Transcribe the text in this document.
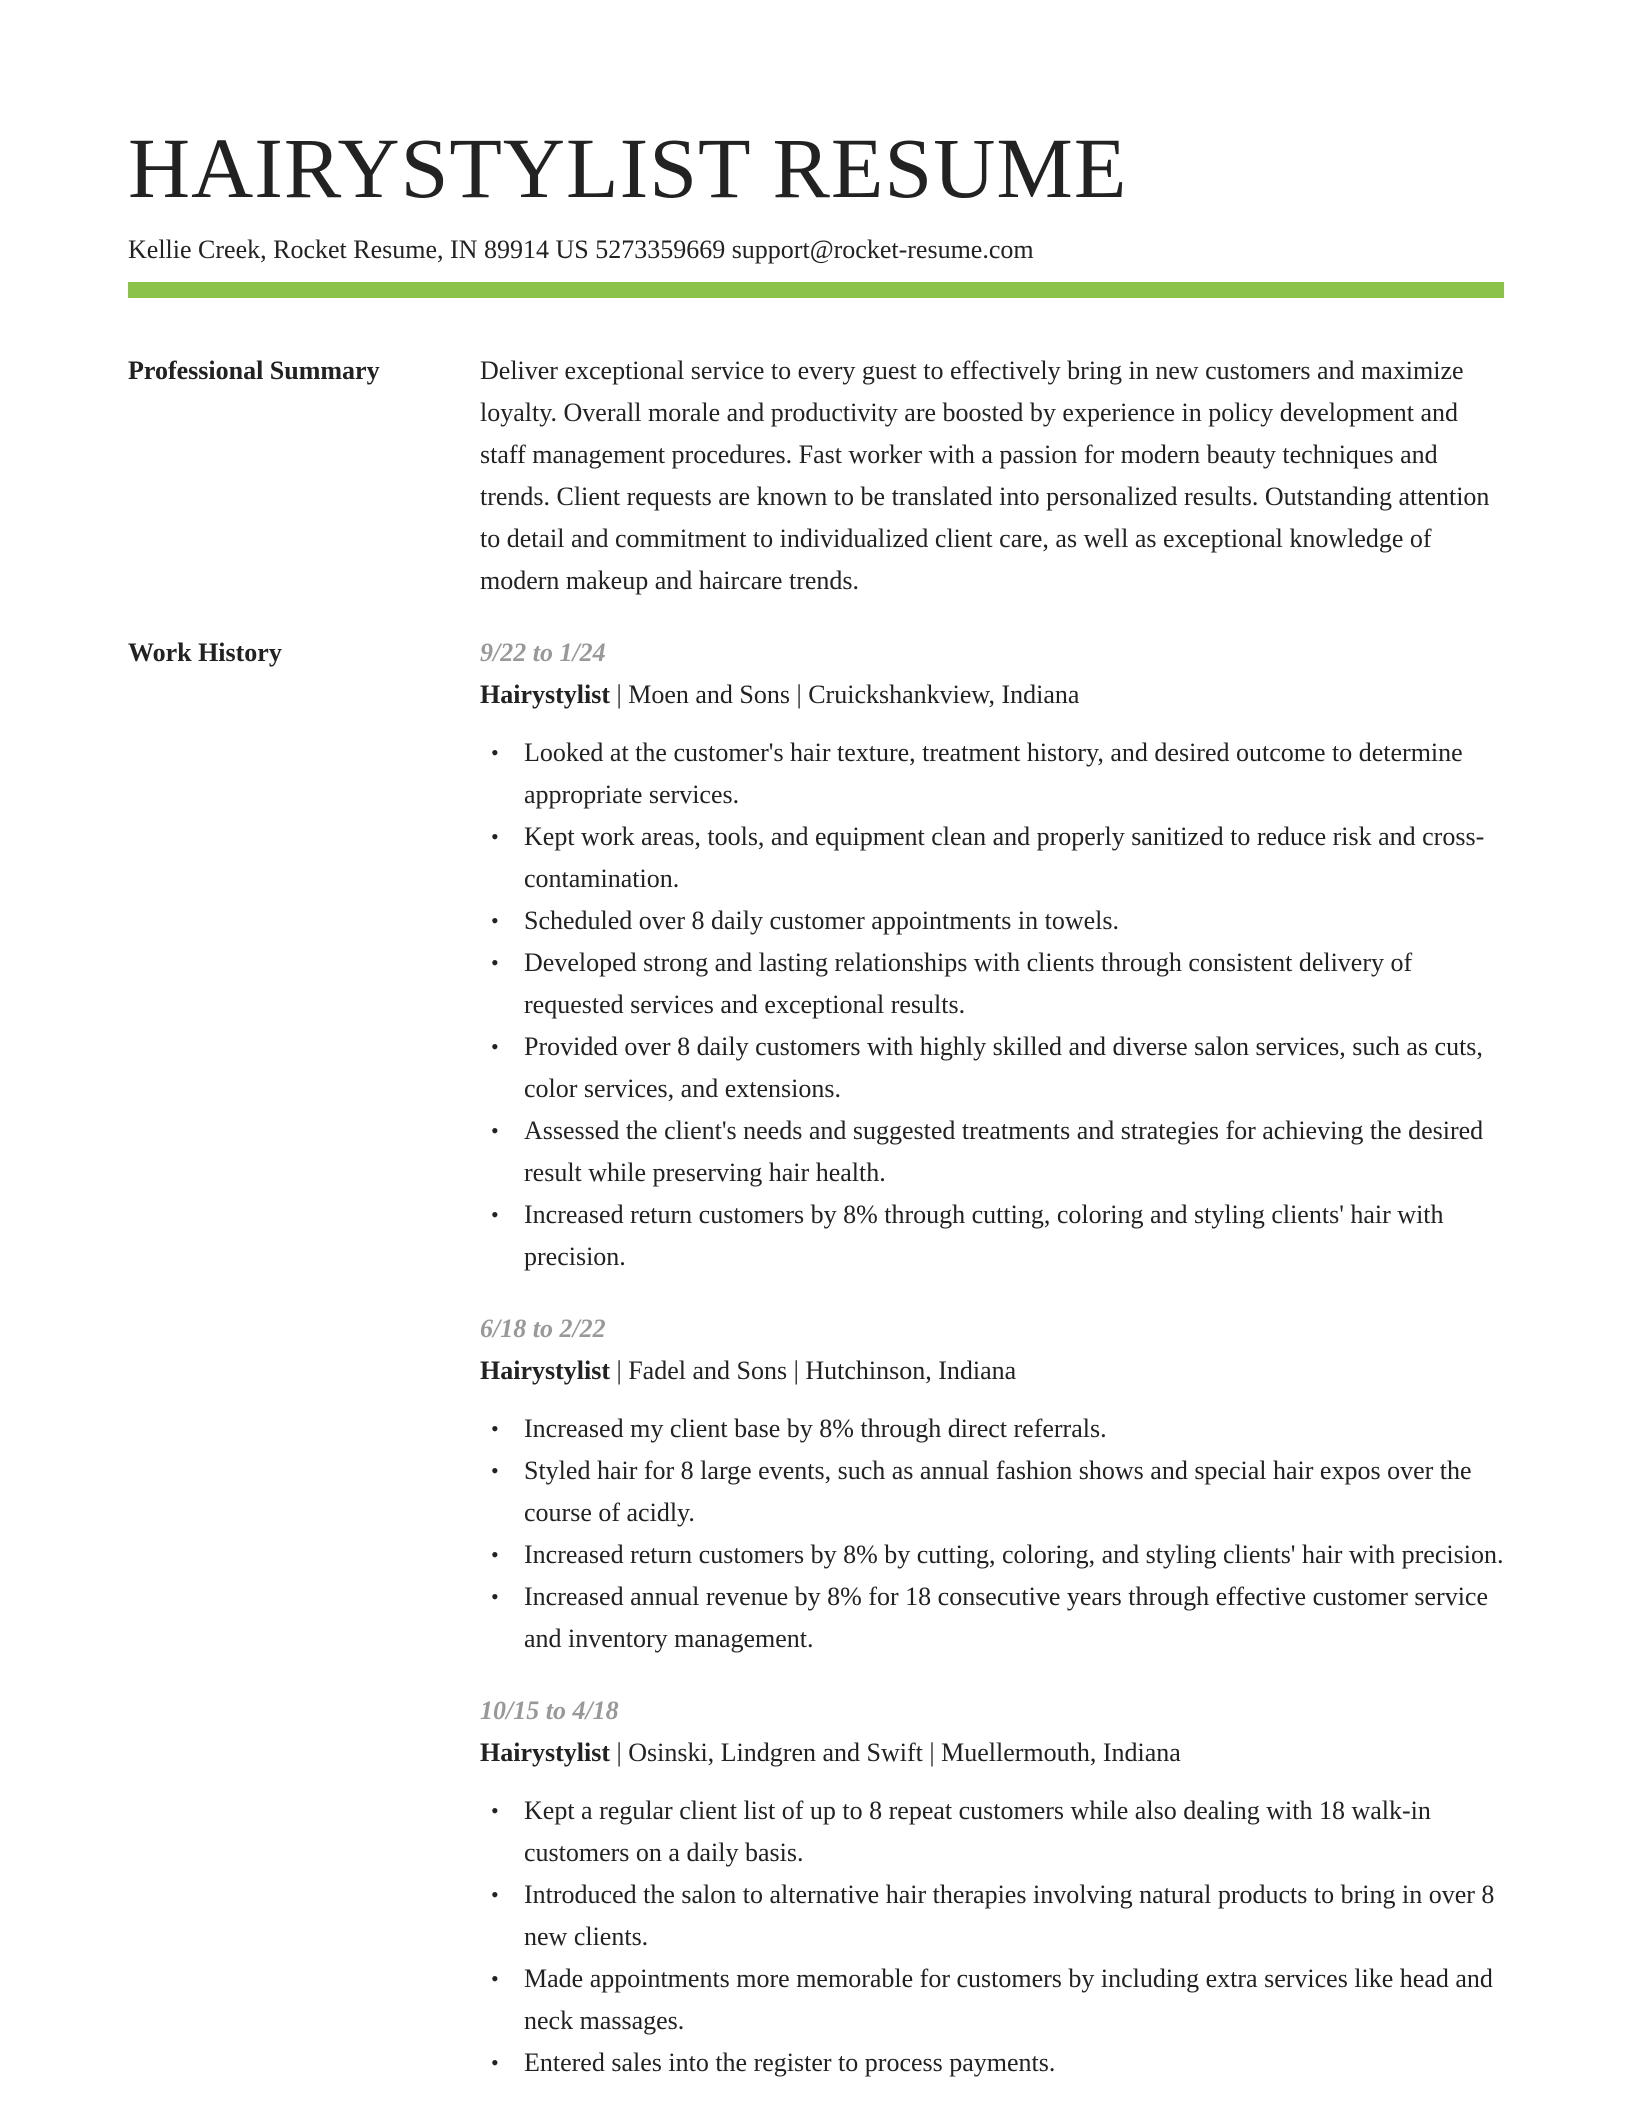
HAIRYSTYLIST RESUME
Kellie Creek, Rocket Resume, IN 89914 US 5273359669 support@rocket-resume.com
Professional Summary	Deliver exceptional service to every guest to effectively bring in new customers and maximize loyalty. Overall morale and productivity are boosted by experience in policy development and staff management procedures. Fast worker with a passion for modern beauty techniques and trends. Client requests are known to be translated into personalized results. Outstanding attention to detail and commitment to individualized client care, as well as exceptional knowledge of modern makeup and haircare trends.
Work History	9/22 to 1/24
Hairystylist | Moen and Sons | Cruickshankview, Indiana
• Looked at the customer's hair texture, treatment history, and desired outcome to determine appropriate services.
• Kept work areas, tools, and equipment clean and properly sanitized to reduce risk and cross-contamination.
• Scheduled over 8 daily customer appointments in towels.
• Developed strong and lasting relationships with clients through consistent delivery of requested services and exceptional results.
• Provided over 8 daily customers with highly skilled and diverse salon services, such as cuts, color services, and extensions.
• Assessed the client's needs and suggested treatments and strategies for achieving the desired result while preserving hair health.
• Increased return customers by 8% through cutting, coloring and styling clients' hair with precision.
6/18 to 2/22
Hairystylist | Fadel and Sons | Hutchinson, Indiana
• Increased my client base by 8% through direct referrals.
• Styled hair for 8 large events, such as annual fashion shows and special hair expos over the course of acidly.
• Increased return customers by 8% by cutting, coloring, and styling clients' hair with precision.
• Increased annual revenue by 8% for 18 consecutive years through effective customer service and inventory management.
10/15 to 4/18
Hairystylist | Osinski, Lindgren and Swift | Muellermouth, Indiana
• Kept a regular client list of up to 8 repeat customers while also dealing with 18 walk-in customers on a daily basis.
• Introduced the salon to alternative hair therapies involving natural products to bring in over 8 new clients.
• Made appointments more memorable for customers by including extra services like head and neck massages.
• Entered sales into the register to process payments.
